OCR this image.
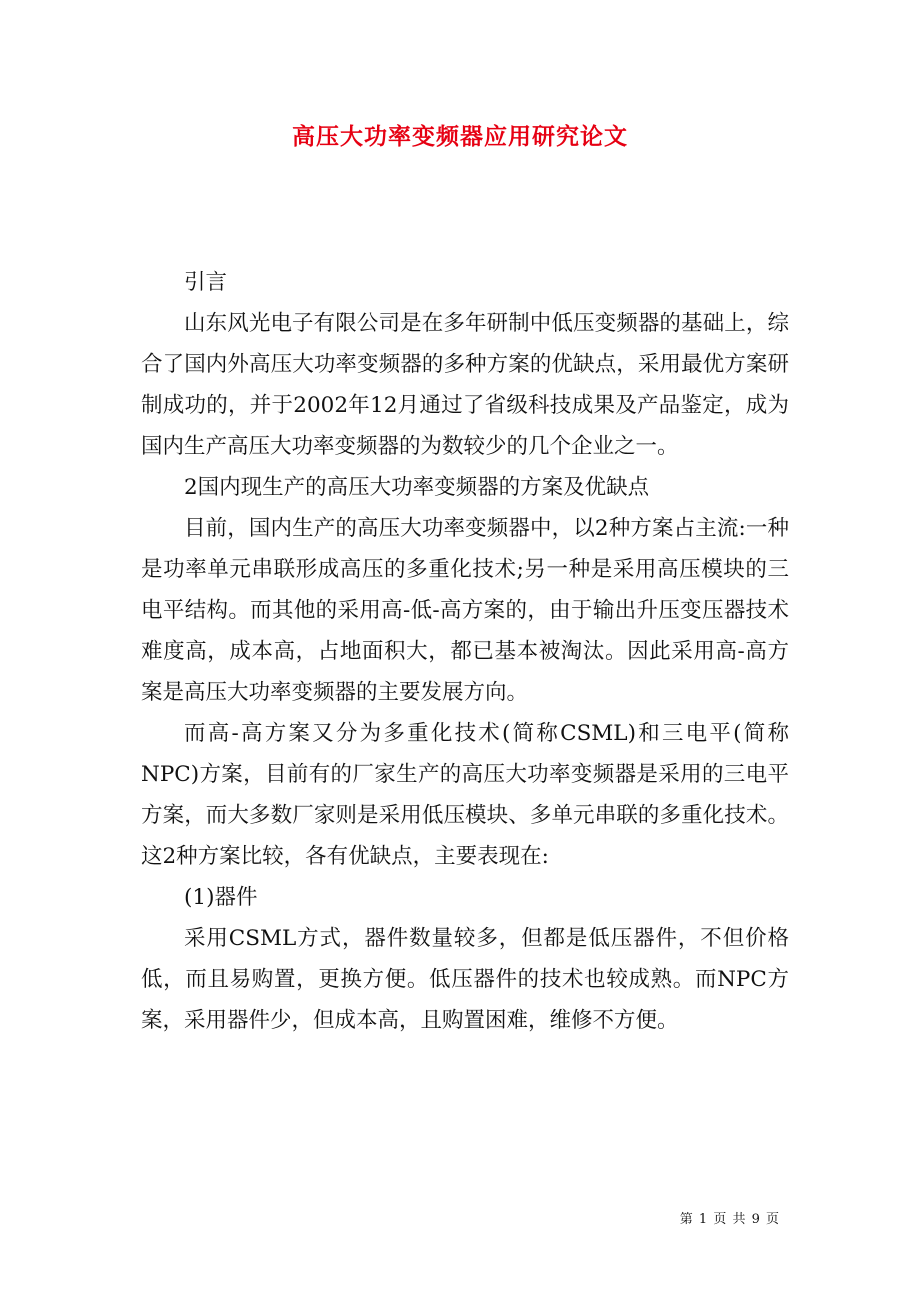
高压大功率变频器应用研究论文

引言

山东风光电子有限公司是在多年研制中低压变频器的基础上，综合了国内外高压大功率变频器的多种方案的优缺点，采用最优方案研制成功的，并于2002年12月通过了省级科技成果及产品鉴定，成为国内生产高压大功率变频器的为数较少的几个企业之一。

2国内现生产的高压大功率变频器的方案及优缺点

目前，国内生产的高压大功率变频器中，以2种方案占主流:一种是功率单元串联形成高压的多重化技术;另一种是采用高压模块的三电平结构。而其他的采用高-低-高方案的，由于输出升压变压器技术难度高，成本高，占地面积大，都已基本被淘汰。因此采用高-高方案是高压大功率变频器的主要发展方向。

而高-高方案又分为多重化技术(简称CSML)和三电平(简称NPC)方案，目前有的厂家生产的高压大功率变频器是采用的三电平方案，而大多数厂家则是采用低压模块、多单元串联的多重化技术。这2种方案比较，各有优缺点，主要表现在:

(1)器件

采用CSML方式，器件数量较多，但都是低压器件，不但价格低，而且易购置，更换方便。低压器件的技术也较成熟。而NPC方案，采用器件少，但成本高，且购置困难，维修不方便。

第 1 页 共 9 页
